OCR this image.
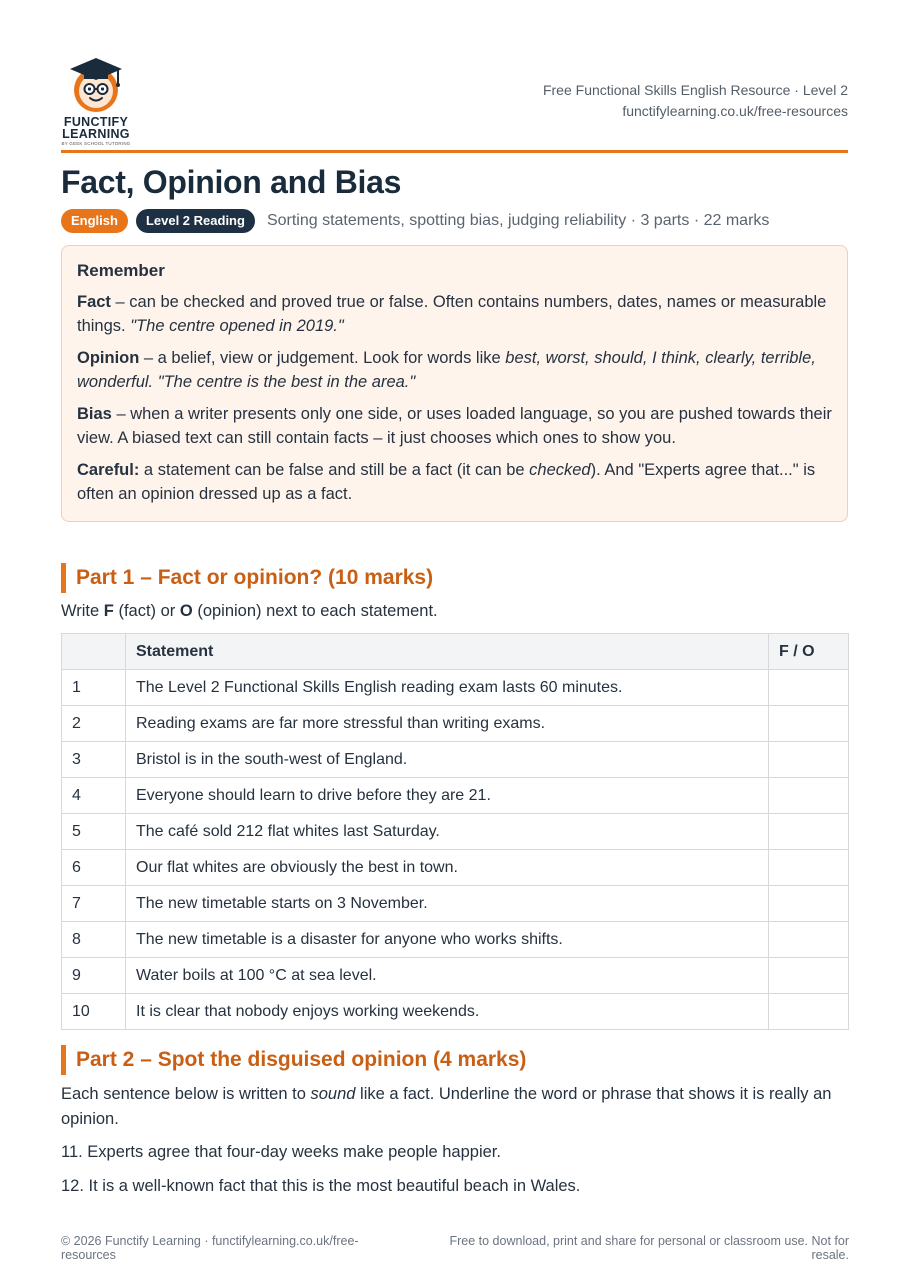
FUNCTIFY
LEARNING
BY GEEK SCHOOL TUTORING
Free Functional Skills English Resource · Level 2
functifylearning.co.uk/free-resources
Fact, Opinion and Bias
English	Level 2 Reading	Sorting statements, spotting bias, judging reliability · 3 parts · 22 marks
Remember

Fact – can be checked and proved true or false. Often contains numbers, dates, names or measurable things. "The centre opened in 2019."

Opinion – a belief, view or judgement. Look for words like best, worst, should, I think, clearly, terrible, wonderful. "The centre is the best in the area."

Bias – when a writer presents only one side, or uses loaded language, so you are pushed towards their view. A biased text can still contain facts – it just chooses which ones to show you.

Careful: a statement can be false and still be a fact (it can be checked). And "Experts agree that..." is often an opinion dressed up as a fact.

Part 1 – Fact or opinion? (10 marks)
Write F (fact) or O (opinion) next to each statement.
	Statement	F / O
1	The Level 2 Functional Skills English reading exam lasts 60 minutes.	
2	Reading exams are far more stressful than writing exams.	
3	Bristol is in the south-west of England.	
4	Everyone should learn to drive before they are 21.	
5	The café sold 212 flat whites last Saturday.	
6	Our flat whites are obviously the best in town.	
7	The new timetable starts on 3 November.	
8	The new timetable is a disaster for anyone who works shifts.	
9	Water boils at 100 °C at sea level.	
10	It is clear that nobody enjoys working weekends.	
Part 2 – Spot the disguised opinion (4 marks)
Each sentence below is written to sound like a fact. Underline the word or phrase that shows it is really an opinion.
11. Experts agree that four-day weeks make people happier.
12. It is a well-known fact that this is the most beautiful beach in Wales.
© 2026 Functify Learning · functifylearning.co.uk/free-resources
Free to download, print and share for personal or classroom use. Not for resale.
